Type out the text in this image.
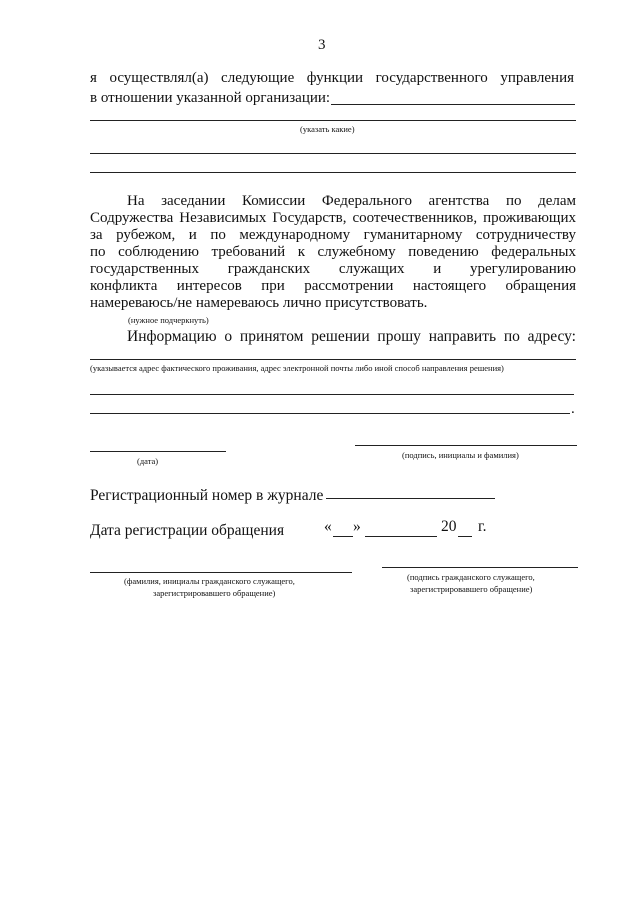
3
я осуществлял(а) следующие функции государственного управления
в отношении указанной организации:
(указать какие)
На заседании Комиссии Федерального агентства по делам
Содружества Независимых Государств, соотечественников, проживающих
за рубежом, и по международному гуманитарному сотрудничеству
по соблюдению требований к служебному поведению федеральных
государственных гражданских служащих и урегулированию
конфликта интересов при рассмотрении настоящего обращения
намереваюсь/не намереваюсь лично присутствовать.
(нужное подчеркнуть)
Информацию о принятом решении прошу направить по адресу:
(указывается адрес фактического проживания, адрес электронной почты либо иной способ направления решения)
.
(дата)
(подпись, инициалы и фамилия)
Регистрационный номер в журнале
Дата регистрации обращения	« »	20 г.
(фамилия, инициалы гражданского служащего,
зарегистрировавшего обращение)
(подпись гражданского служащего,
зарегистрировавшего обращение)
